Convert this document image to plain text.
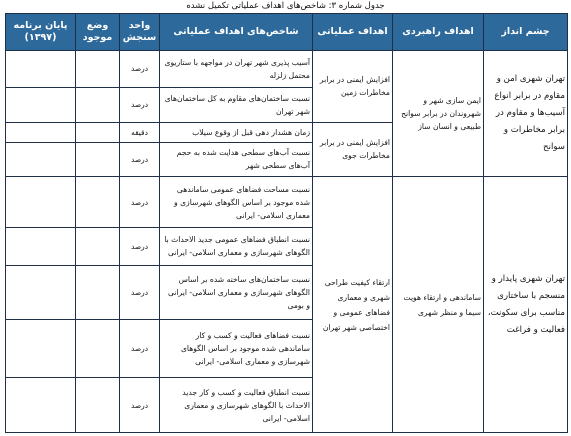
جدول شماره ۳: شاخص‌های اهداف عملیاتی تکمیل نشده
چشم انداز	اهداف راهبردی	اهداف عملیاتی	شاخص‌های اهداف عملیاتی	واحد سنجش	وضع موجود	پایان برنامه (۱۳۹۷)
تهران شهری امن و مقاوم در برابر انواع آسیب‌ها و مقاوم در برابر مخاطرات و سوانح	ایمن سازی شهر و شهروندان در برابر سوانح طبیعی و انسان ساز	افزایش ایمنی در برابر مخاطرات زمین	آسیب پذیری شهر تهران در مواجهه با ستاریوی محتمل زلزله	درصد		
			نسبت ساختمان‌های مقاوم به کل ساختمان‌های شهر تهران	درصد		
		افزایش ایمنی در برابر مخاطرات جوی	زمان هشدار دهی قبل از وقوع سیلاب	دقیقه		
			نسبت آب‌های سطحی هدایت شده به حجم آب‌های سطحی شهر	درصد		
تهران شهری پایدار و منسجم با ساختاری مناسب برای سکونت، فعالیت و فراغت	ساماندهی و ارتقاء هویت سیما و منظر شهری	ارتقاء کیفیت طراحی شهری و معماری فضاهای عمومی و اختصاصی شهر تهران	نسبت مساحت فضاهای عمومی ساماندهی شده موجود بر اساس الگوهای شهرسازی و معماری اسلامی- ایرانی	درصد		
			نسبت انطباق فضاهای عمومی جدید الاحداث با الگوهای شهرسازی و معماری اسلامی- ایرانی	درصد		
			نسبت ساختمان‌های ساخته شده بر اساس الگوهای شهرسازی و معماری اسلامی- ایرانی و بومی	درصد		
			نسبت فضاهای فعالیت و کسب و کار ساماندهی شده موجود بر اساس الگوهای شهرسازی و معماری اسلامی- ایرانی	درصد		
			نسبت انطباق فعالیت و کسب و کار جدید الاحداث با الگوهای شهرسازی و معماری اسلامی- ایرانی	درصد		
